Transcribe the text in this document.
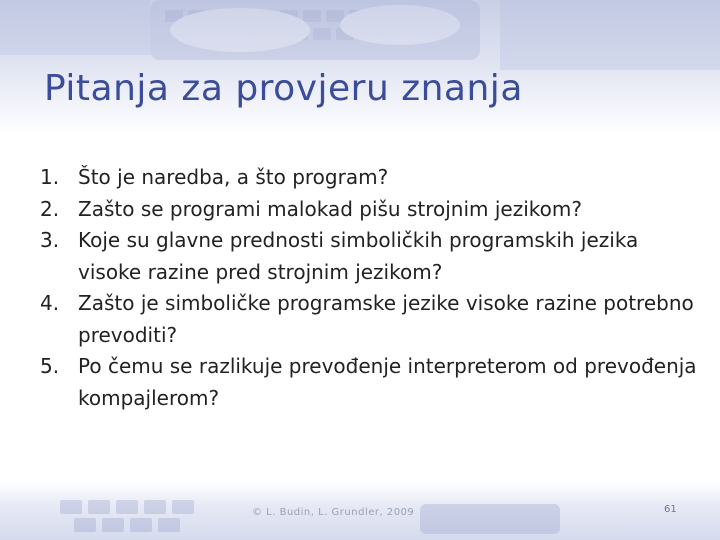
Pitanja za provjeru znanja
1. Što je naredba, a što program?
2. Zašto se programi malokad pišu strojnim jezikom?
3. Koje su glavne prednosti simboličkih programskih jezika visoke razine pred strojnim jezikom?
4. Zašto je simboličke programske jezike visoke razine potrebno prevoditi?
5. Po čemu se razlikuje prevođenje interpreterom od prevođenja kompajlerom?
© L. Budin, L. Grundler, 2009	61
